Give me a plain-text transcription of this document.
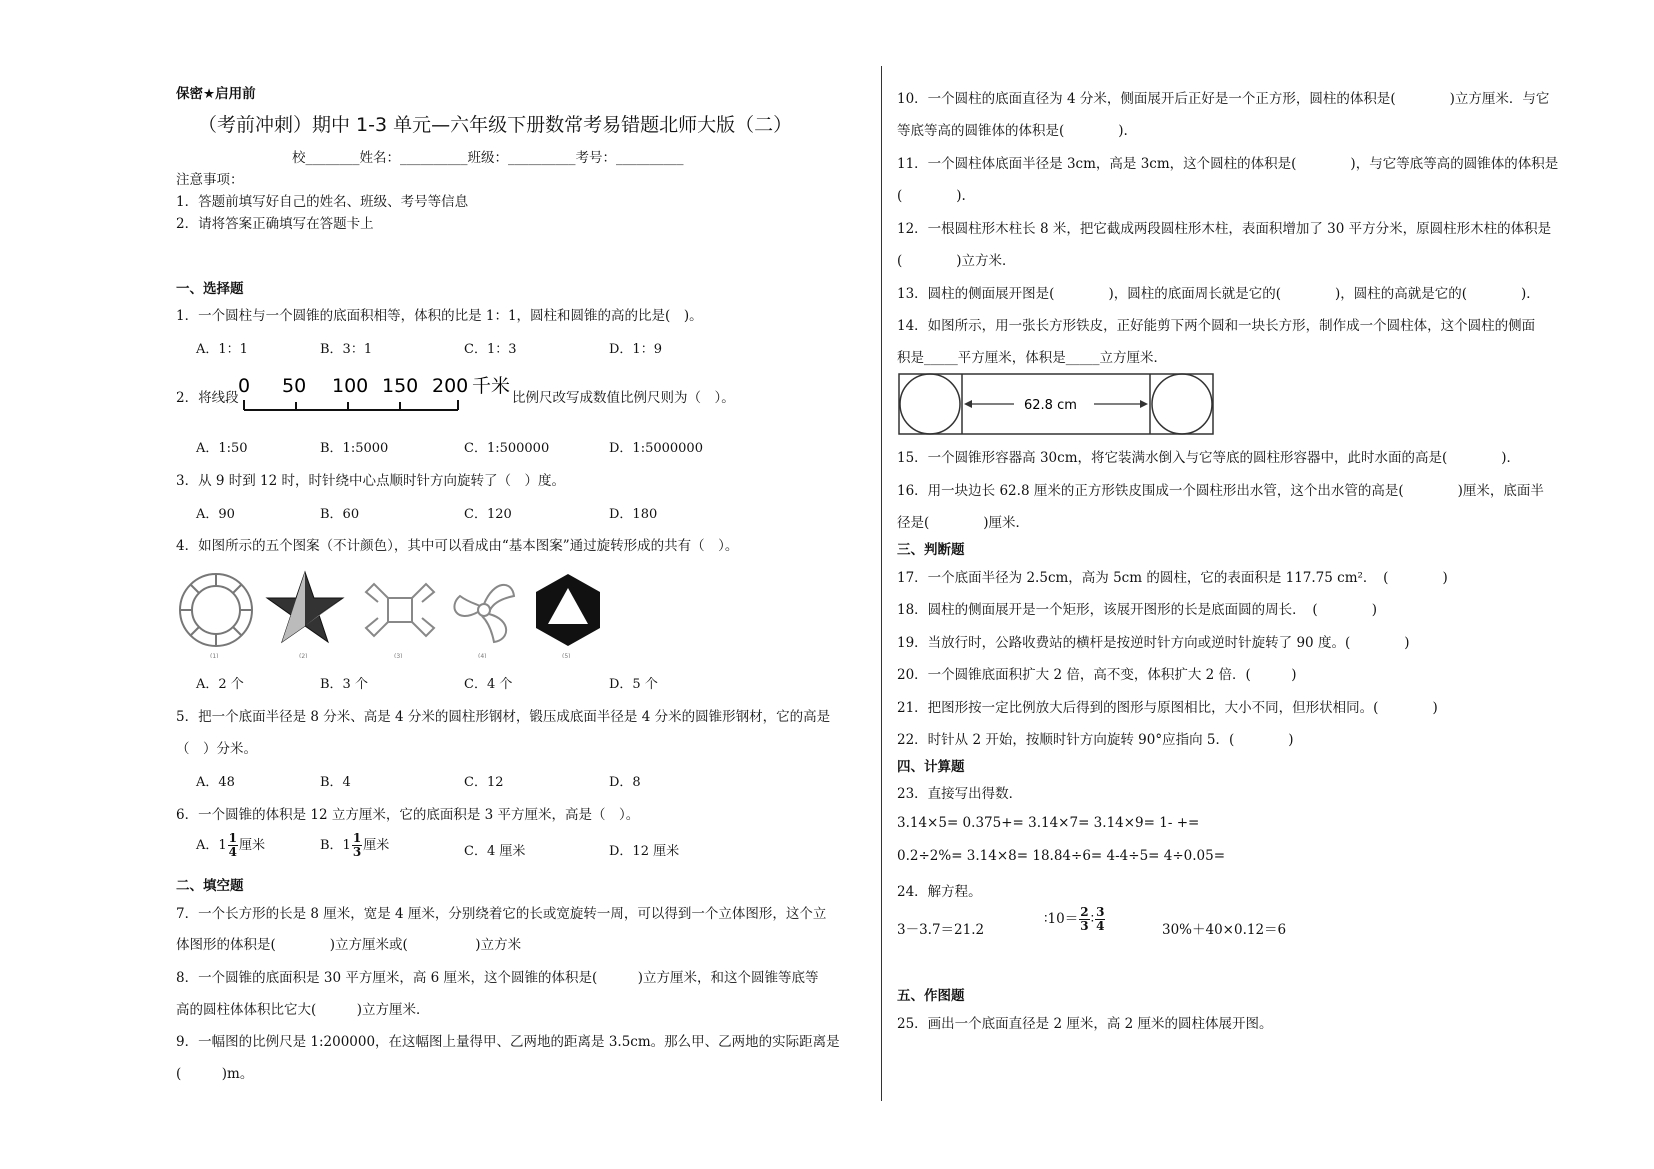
保密★启用前
（考前冲刺）期中 1-3 单元—六年级下册数常考易错题北师大版（二）
校________姓名：__________班级：__________考号：__________
注意事项：
1．答题前填写好自己的姓名、班级、考号等信息
2．请将答案正确填写在答题卡上
一、选择题
1．一个圆柱与一个圆锥的底面积相等，体积的比是 1：1，圆柱和圆锥的高的比是(　)。
A．1：1	B．3：1	C．1：3	D．1：9
2．将线段
0 50 100 150 200 千米
比例尺改写成数值比例尺则为（　）。
A．1:50	B．1:5000	C．1:500000	D．1:5000000
3．从 9 时到 12 时，时针绕中心点顺时针方向旋转了（　）度。
A．90	B．60	C．120	D．180
4．如图所示的五个图案（不计颜色），其中可以看成由“基本图案”通过旋转形成的共有（　）。
(1)	(2)	(3)	(4)	(5)
A．2 个	B．3 个	C．4 个	D．5 个
5．把一个底面半径是 8 分米、高是 4 分米的圆柱形钢材，锻压成底面半径是 4 分米的圆锥形钢材，它的高是
（　）分米。
A．48	B．4	C．12	D．8
6．一个圆锥的体积是 12 立方厘米，它的底面积是 3 平方厘米，高是（　）。
A．$1 \frac{1}{4}$ 厘米	B．$1 \frac{1}{3}$ 厘米	C．4 厘米	D．12 厘米
二、填空题
7．一个长方形的长是 8 厘米，宽是 4 厘米，分别绕着它的长或宽旋转一周，可以得到一个立体图形，这个立
体图形的体积是(　　　　)立方厘米或(　　　　　)立方米
8．一个圆锥的底面积是 30 平方厘米，高 6 厘米，这个圆锥的体积是(　　　)立方厘米，和这个圆锥等底等
高的圆柱体体积比它大(　　　)立方厘米．
9．一幅图的比例尺是 1:200000，在这幅图上量得甲、乙两地的距离是 3.5cm。那么甲、乙两地的实际距离是
(　　　)m。
10．一个圆柱的底面直径为 4 分米，侧面展开后正好是一个正方形，圆柱的体积是(　　　　)立方厘米．与它
等底等高的圆锥体的体积是(　　　　).
11．一个圆柱体底面半径是 3cm，高是 3cm，这个圆柱的体积是(　　　　)，与它等底等高的圆锥体的体积是
(　　　　).
12．一根圆柱形木柱长 8 米，把它截成两段圆柱形木柱，表面积增加了 30 平方分米，原圆柱形木柱的体积是
(　　　　)立方米．
13．圆柱的侧面展开图是(　　　　)，圆柱的底面周长就是它的(　　　　)，圆柱的高就是它的(　　　　)．
14．如图所示，用一张长方形铁皮，正好能剪下两个圆和一块长方形，制作成一个圆柱体，这个圆柱的侧面
积是_____平方厘米，体积是_____立方厘米．
62.8 cm
15．一个圆锥形容器高 30cm，将它装满水倒入与它等底的圆柱形容器中，此时水面的高是(　　　　)．
16．用一块边长 62.8 厘米的正方形铁皮围成一个圆柱形出水管，这个出水管的高是(　　　　)厘米，底面半
径是(　　　　)厘米．
三、判断题
17．一个底面半径为 2.5cm，高为 5cm 的圆柱，它的表面积是 117.75 cm²．　(　　　　)
18．圆柱的侧面展开是一个矩形，该展开图形的长是底面圆的周长．　(　　　　)
19．当放行时，公路收费站的横杆是按逆时针方向或逆时针旋转了 90 度。(　　　　)
20．一个圆锥底面积扩大 2 倍，高不变，体积扩大 2 倍．(　　　)
21．把图形按一定比例放大后得到的图形与原图相比，大小不同，但形状相同。(　　　　)
22．时针从 2 开始，按顺时针方向旋转 90°应指向 5．(　　　　)
四、计算题
23．直接写出得数．
3.14×5= 0.375+= 3.14×7= 3.14×9= 1- +=
0.2÷2%= 3.14×8= 18.84÷6= 4-4÷5= 4÷0.05=
24．解方程。
3－3.7＝21.2
∶10＝ $\frac{2}{3}$ ∶ $\frac{3}{4}$	30%＋40×0.12＝6
五、作图题
25．画出一个底面直径是 2 厘米，高 2 厘米的圆柱体展开图。
